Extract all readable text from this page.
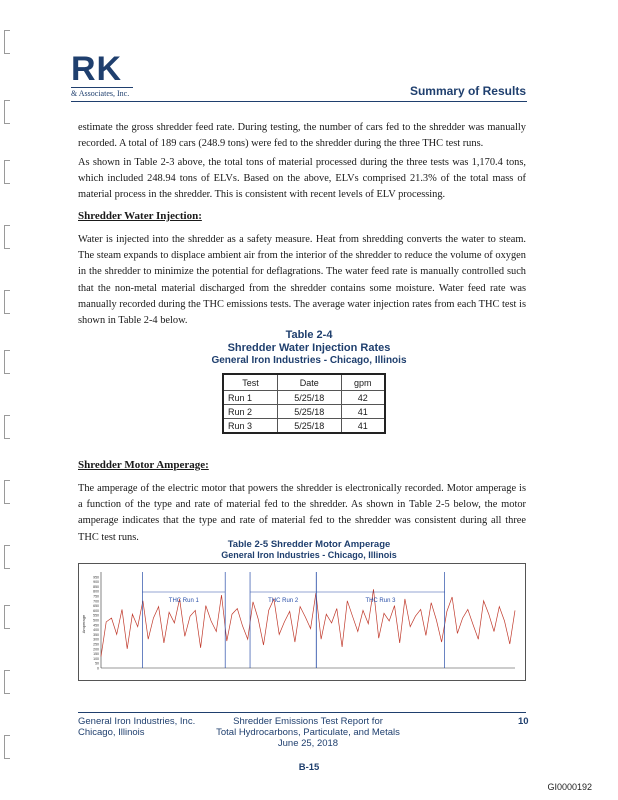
RK
& Associates, Inc.	Summary of Results
estimate the gross shredder feed rate. During testing, the number of cars fed to the shredder was manually recorded. A total of 189 cars (248.9 tons) were fed to the shredder during the three THC test runs.
As shown in Table 2-3 above, the total tons of material processed during the three tests was 1,170.4 tons, which included 248.94 tons of ELVs. Based on the above, ELVs comprised 21.3% of the total mass of material process in the shredder. This is consistent with recent levels of ELV processing.
Shredder Water Injection:
Water is injected into the shredder as a safety measure. Heat from shredding converts the water to steam. The steam expands to displace ambient air from the interior of the shredder to reduce the volume of oxygen in the shredder to minimize the potential for deflagrations. The water feed rate is manually controlled such that the non-metal material discharged from the shredder contains some moisture. Water feed rate was manually recorded during the THC emissions tests. The average water injection rates from each THC test is shown in Table 2-4 below.
Table 2-4
Shredder Water Injection Rates
General Iron Industries - Chicago, Illinois
Test	Date	gpm
Run 1	5/25/18	42
Run 2	5/25/18	41
Run 3	5/25/18	41
Shredder Motor Amperage:
The amperage of the electric motor that powers the shredder is electronically recorded. Motor amperage is a function of the type and rate of material fed to the shredder. As shown in Table 2-5 below, the motor amperage indicates that the type and rate of material fed to the shredder was consistent during all three THC test runs.
Table 2-5 Shredder Motor Amperage
General Iron Industries - Chicago, Illinois
Amperage
0
50
100
150
200
250
300
350
400
450
500
550
600
650
700
750
800
850
900
950
THC Run 1	THC Run 2	THC Run 3
General Iron Industries, Inc.
Chicago, Illinois
Shredder Emissions Test Report for
Total Hydrocarbons, Particulate, and Metals
June 25, 2018
10
B-15
GI0000192
